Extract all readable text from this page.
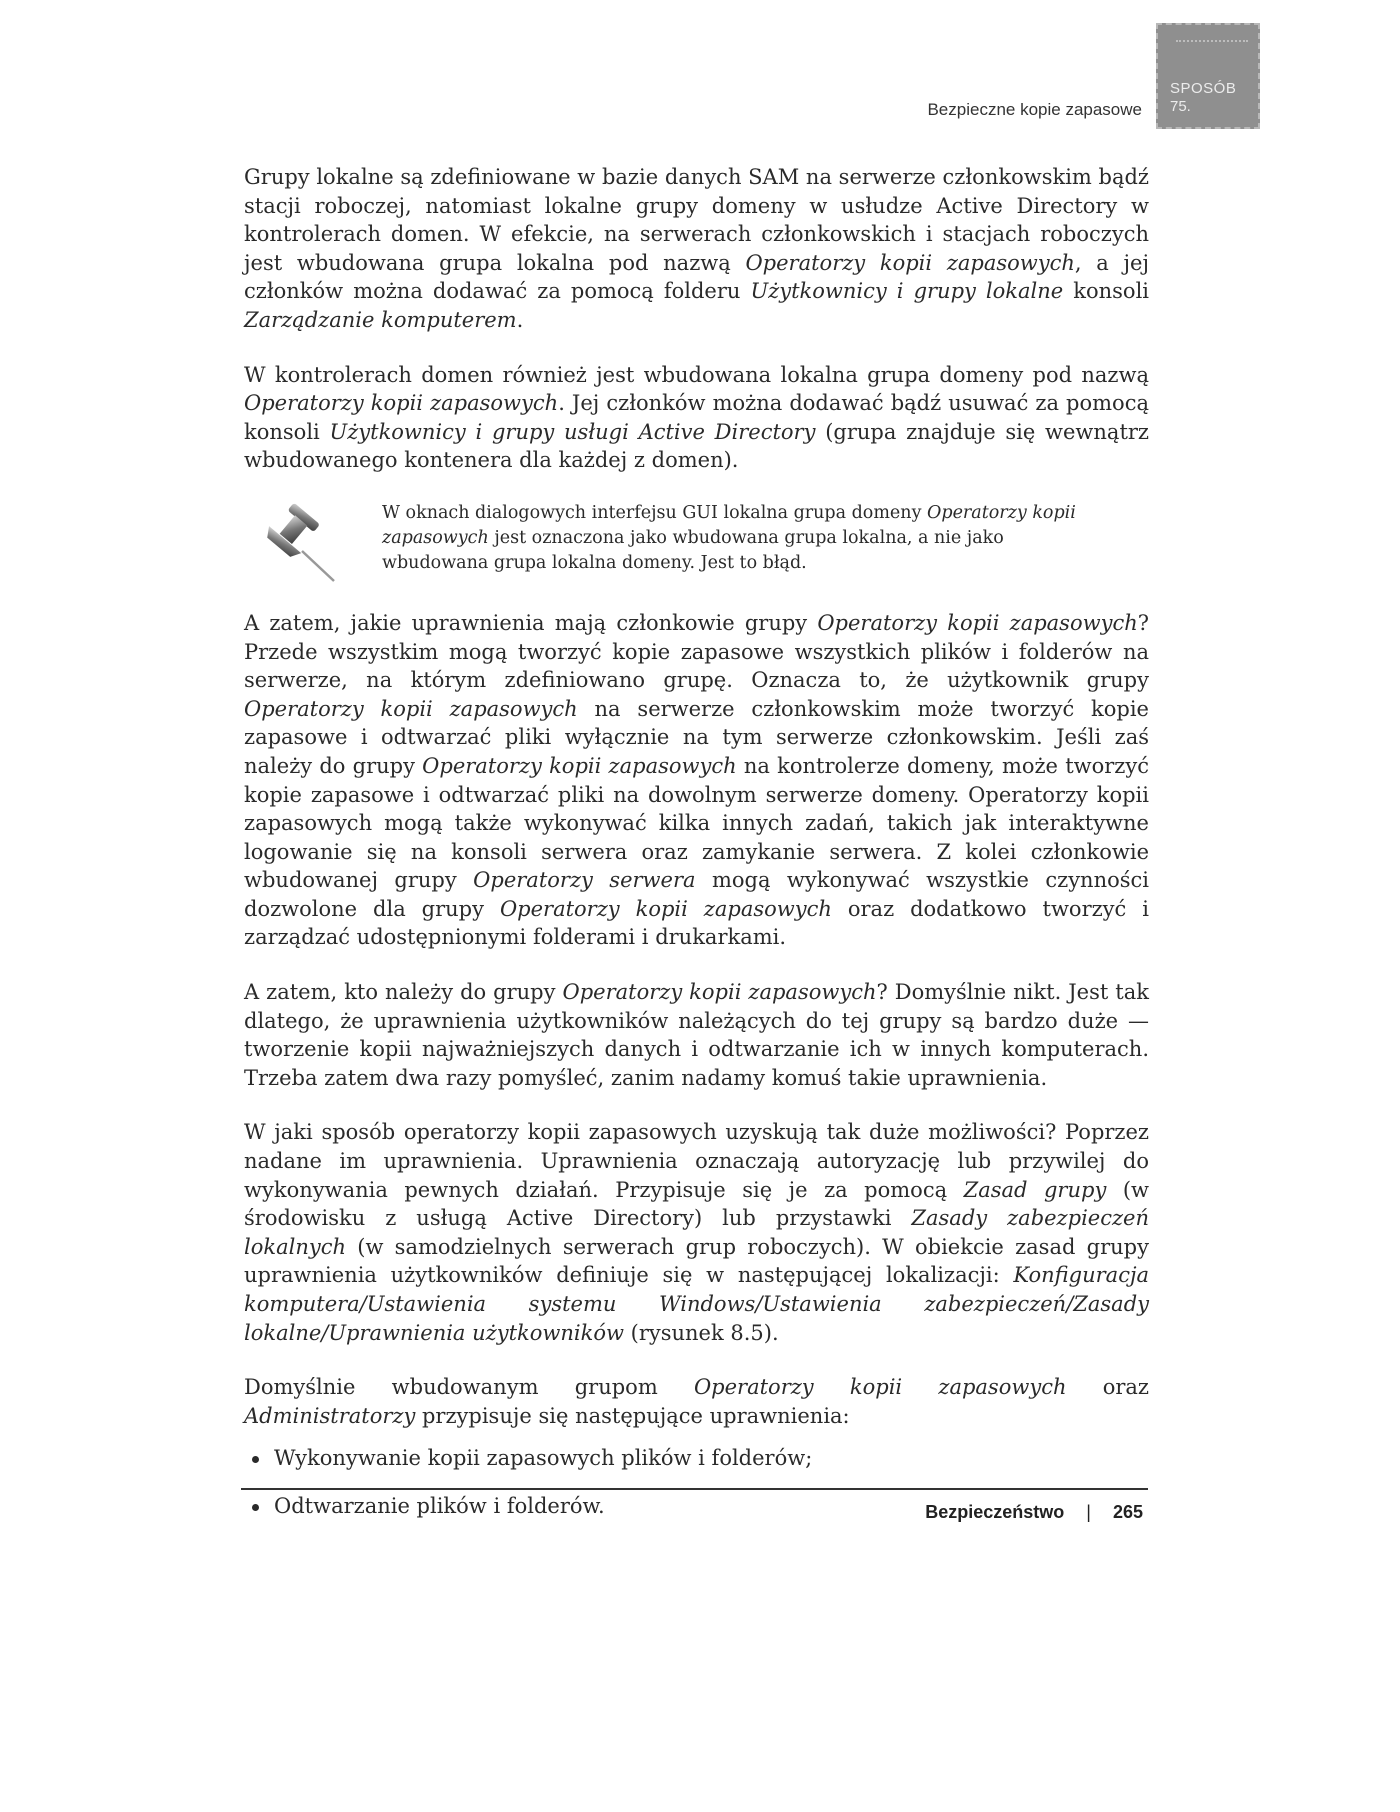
Bezpieczne kopie zapasowe
SPOSÓB
75.

Grupy lokalne są zdefiniowane w bazie danych SAM na serwerze członkowskim bądź stacji roboczej, natomiast lokalne grupy domeny w usłudze Active Directory w kontrolerach domen. W efekcie, na serwerach członkowskich i stacjach roboczych jest wbudowana grupa lokalna pod nazwą Operatorzy kopii zapasowych, a jej członków można dodawać za pomocą folderu Użytkownicy i grupy lokalne konsoli Zarządzanie komputerem.

W kontrolerach domen również jest wbudowana lokalna grupa domeny pod nazwą Operatorzy kopii zapasowych. Jej członków można dodawać bądź usuwać za pomocą konsoli Użytkownicy i grupy usługi Active Directory (grupa znajduje się wewnątrz wbudowanego kontenera dla każdej z domen).

W oknach dialogowych interfejsu GUI lokalna grupa domeny Operatorzy kopii zapasowych jest oznaczona jako wbudowana grupa lokalna, a nie jako wbudowana grupa lokalna domeny. Jest to błąd.

A zatem, jakie uprawnienia mają członkowie grupy Operatorzy kopii zapasowych? Przede wszystkim mogą tworzyć kopie zapasowe wszystkich plików i folderów na serwerze, na którym zdefiniowano grupę. Oznacza to, że użytkownik grupy Operatorzy kopii zapasowych na serwerze członkowskim może tworzyć kopie zapasowe i odtwarzać pliki wyłącznie na tym serwerze członkowskim. Jeśli zaś należy do grupy Operatorzy kopii zapasowych na kontrolerze domeny, może tworzyć kopie zapasowe i odtwarzać pliki na dowolnym serwerze domeny. Operatorzy kopii zapasowych mogą także wykonywać kilka innych zadań, takich jak interaktywne logowanie się na konsoli serwera oraz zamykanie serwera. Z kolei członkowie wbudowanej grupy Operatorzy serwera mogą wykonywać wszystkie czynności dozwolone dla grupy Operatorzy kopii zapasowych oraz dodatkowo tworzyć i zarządzać udostępnionymi folderami i drukarkami.

A zatem, kto należy do grupy Operatorzy kopii zapasowych? Domyślnie nikt. Jest tak dlatego, że uprawnienia użytkowników należących do tej grupy są bardzo duże — tworzenie kopii najważniejszych danych i odtwarzanie ich w innych komputerach. Trzeba zatem dwa razy pomyśleć, zanim nadamy komuś takie uprawnienia.

W jaki sposób operatorzy kopii zapasowych uzyskują tak duże możliwości? Poprzez nadane im uprawnienia. Uprawnienia oznaczają autoryzację lub przywilej do wykonywania pewnych działań. Przypisuje się je za pomocą Zasad grupy (w środowisku z usługą Active Directory) lub przystawki Zasady zabezpieczeń lokalnych (w samodzielnych serwerach grup roboczych). W obiekcie zasad grupy uprawnienia użytkowników definiuje się w następującej lokalizacji: Konfiguracja komputera/Ustawienia systemu Windows/Ustawienia zabezpieczeń/Zasady lokalne/Uprawnienia użytkowników (rysunek 8.5).

Domyślnie wbudowanym grupom Operatorzy kopii zapasowych oraz Administratorzy przypisuje się następujące uprawnienia:

Wykonywanie kopii zapasowych plików i folderów;
Odtwarzanie plików i folderów.	Bezpieczeństwo | 265
